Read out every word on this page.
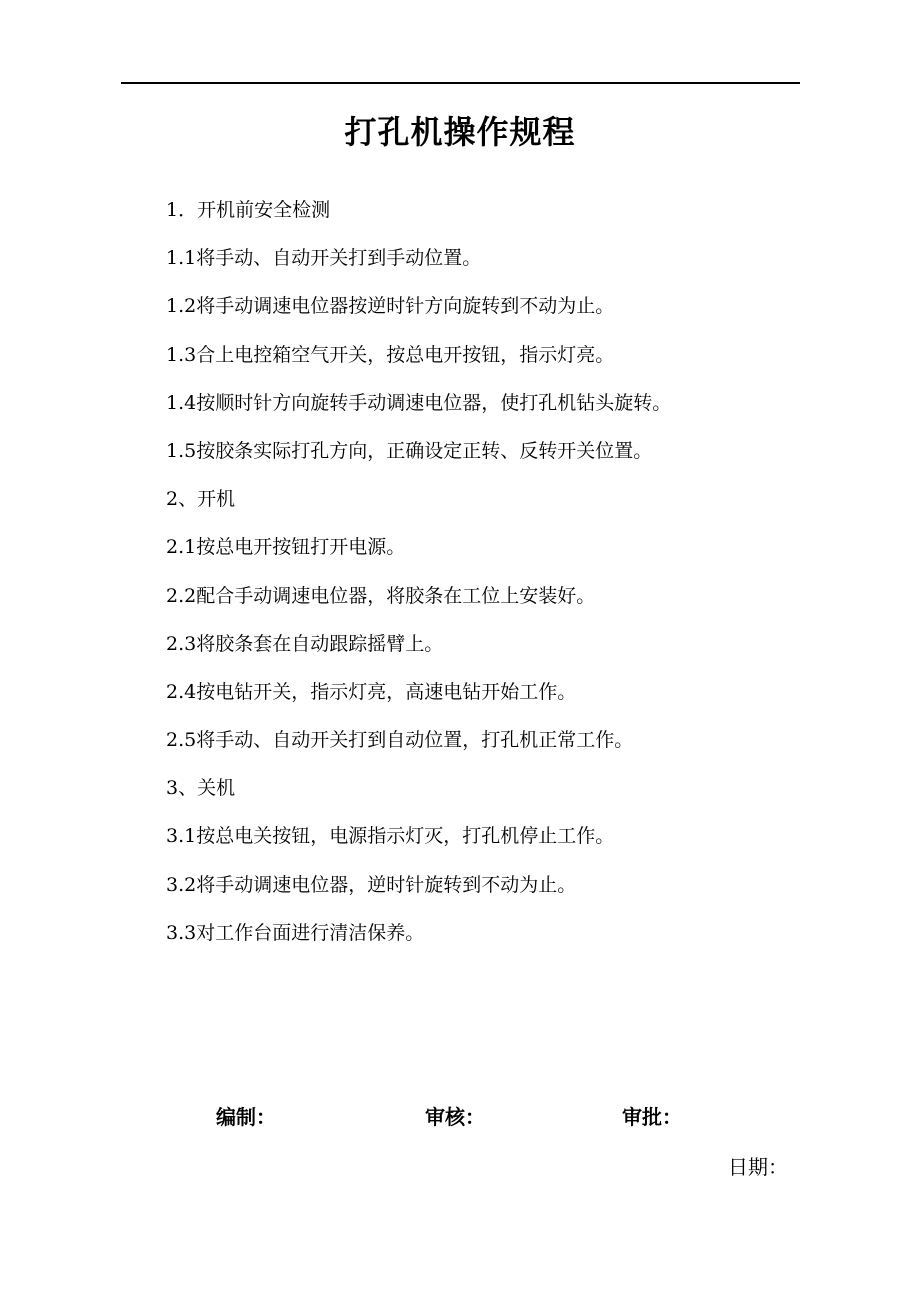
打孔机操作规程
1．开机前安全检测
1.1将手动、自动开关打到手动位置。
1.2将手动调速电位器按逆时针方向旋转到不动为止。
1.3合上电控箱空气开关，按总电开按钮，指示灯亮。
1.4按顺时针方向旋转手动调速电位器，使打孔机钻头旋转。
1.5按胶条实际打孔方向，正确设定正转、反转开关位置。
2、开机
2.1按总电开按钮打开电源。
2.2配合手动调速电位器，将胶条在工位上安装好。
2.3将胶条套在自动跟踪摇臂上。
2.4按电钻开关，指示灯亮，高速电钻开始工作。
2.5将手动、自动开关打到自动位置，打孔机正常工作。
3、关机
3.1按总电关按钮，电源指示灯灭，打孔机停止工作。
3.2将手动调速电位器，逆时针旋转到不动为止。
3.3对工作台面进行清洁保养。
编制：	审核：	审批：
日期：
